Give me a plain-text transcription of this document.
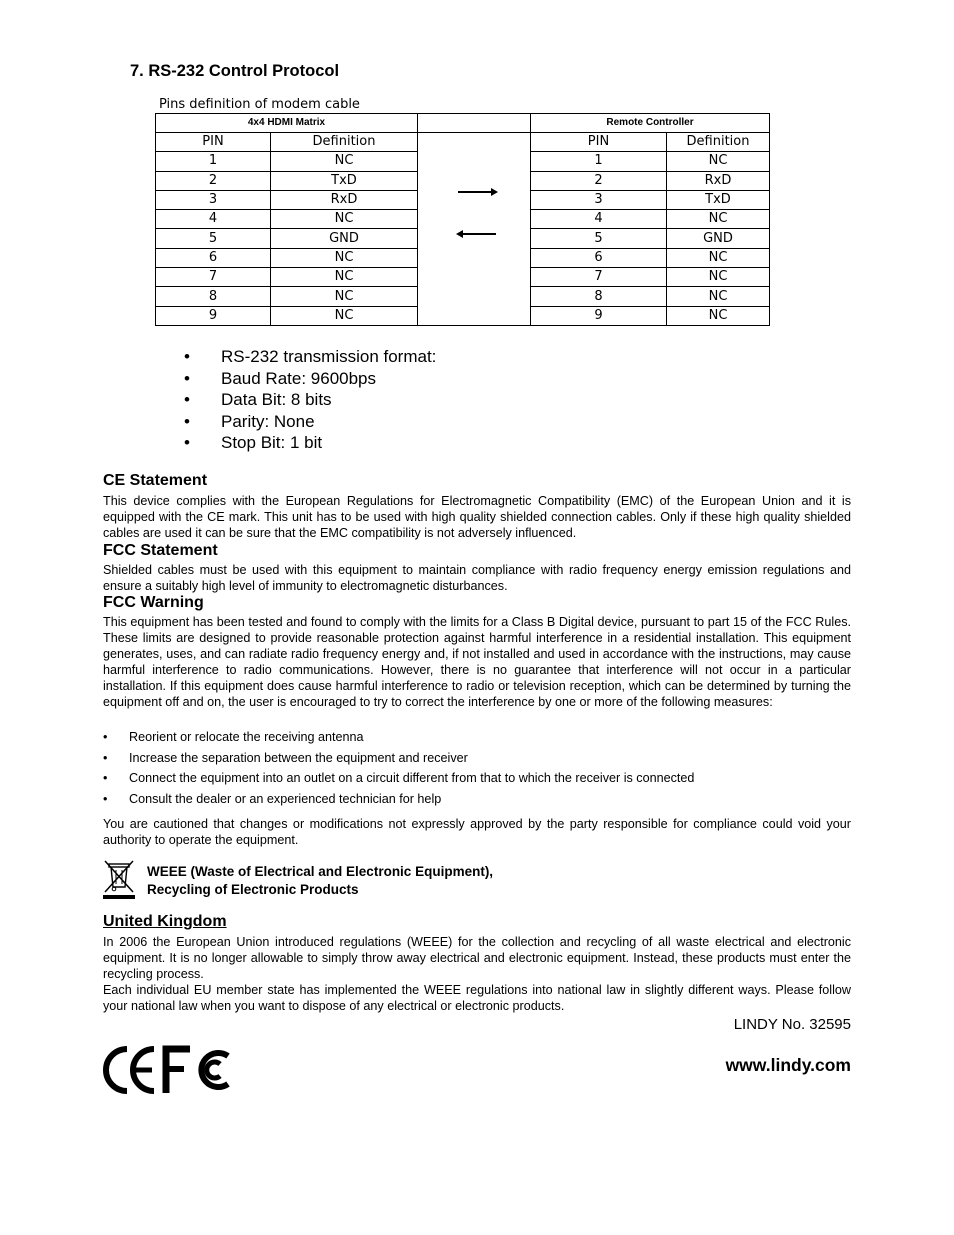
7. RS-232 Control Protocol
Pins definition of modem cable
4x4 HDMI Matrix			Remote Controller	
PIN	Definition		PIN	Definition
1	NC		1	NC
2	TxD		2	RxD
3	RxD		3	TxD
4	NC		4	NC
5	GND		5	GND
6	NC		6	NC
7	NC		7	NC
8	NC		8	NC
9	NC		9	NC
• RS-232 transmission format:
• Baud Rate: 9600bps
• Data Bit: 8 bits
• Parity: None
• Stop Bit: 1 bit
CE Statement
This device complies with the European Regulations for Electromagnetic Compatibility (EMC) of the European Union and it is equipped with the CE mark. This unit has to be used with high quality shielded connection cables. Only if these high quality shielded cables are used it can be sure that the EMC compatibility is not adversely influenced.
FCC Statement
Shielded cables must be used with this equipment to maintain compliance with radio frequency energy emission regulations and ensure a suitably high level of immunity to electromagnetic disturbances.
FCC Warning
This equipment has been tested and found to comply with the limits for a Class B Digital device, pursuant to part 15 of the FCC Rules. These limits are designed to provide reasonable protection against harmful interference in a residential installation. This equipment generates, uses, and can radiate radio frequency energy and, if not installed and used in accordance with the instructions, may cause harmful interference to radio communications. However, there is no guarantee that interference will not occur in a particular installation. If this equipment does cause harmful interference to radio or television reception, which can be determined by turning the equipment off and on, the user is encouraged to try to correct the interference by one or more of the following measures:
• Reorient or relocate the receiving antenna
• Increase the separation between the equipment and receiver
• Connect the equipment into an outlet on a circuit different from that to which the receiver is connected
• Consult the dealer or an experienced technician for help
You are cautioned that changes or modifications not expressly approved by the party responsible for compliance could void your authority to operate the equipment.
WEEE (Waste of Electrical and Electronic Equipment),
Recycling of Electronic Products
United Kingdom
In 2006 the European Union introduced regulations (WEEE) for the collection and recycling of all waste electrical and electronic equipment. It is no longer allowable to simply throw away electrical and electronic equipment. Instead, these products must enter the recycling process.
Each individual EU member state has implemented the WEEE regulations into national law in slightly different ways. Please follow your national law when you want to dispose of any electrical or electronic products.
LINDY No. 32595
www.lindy.com
